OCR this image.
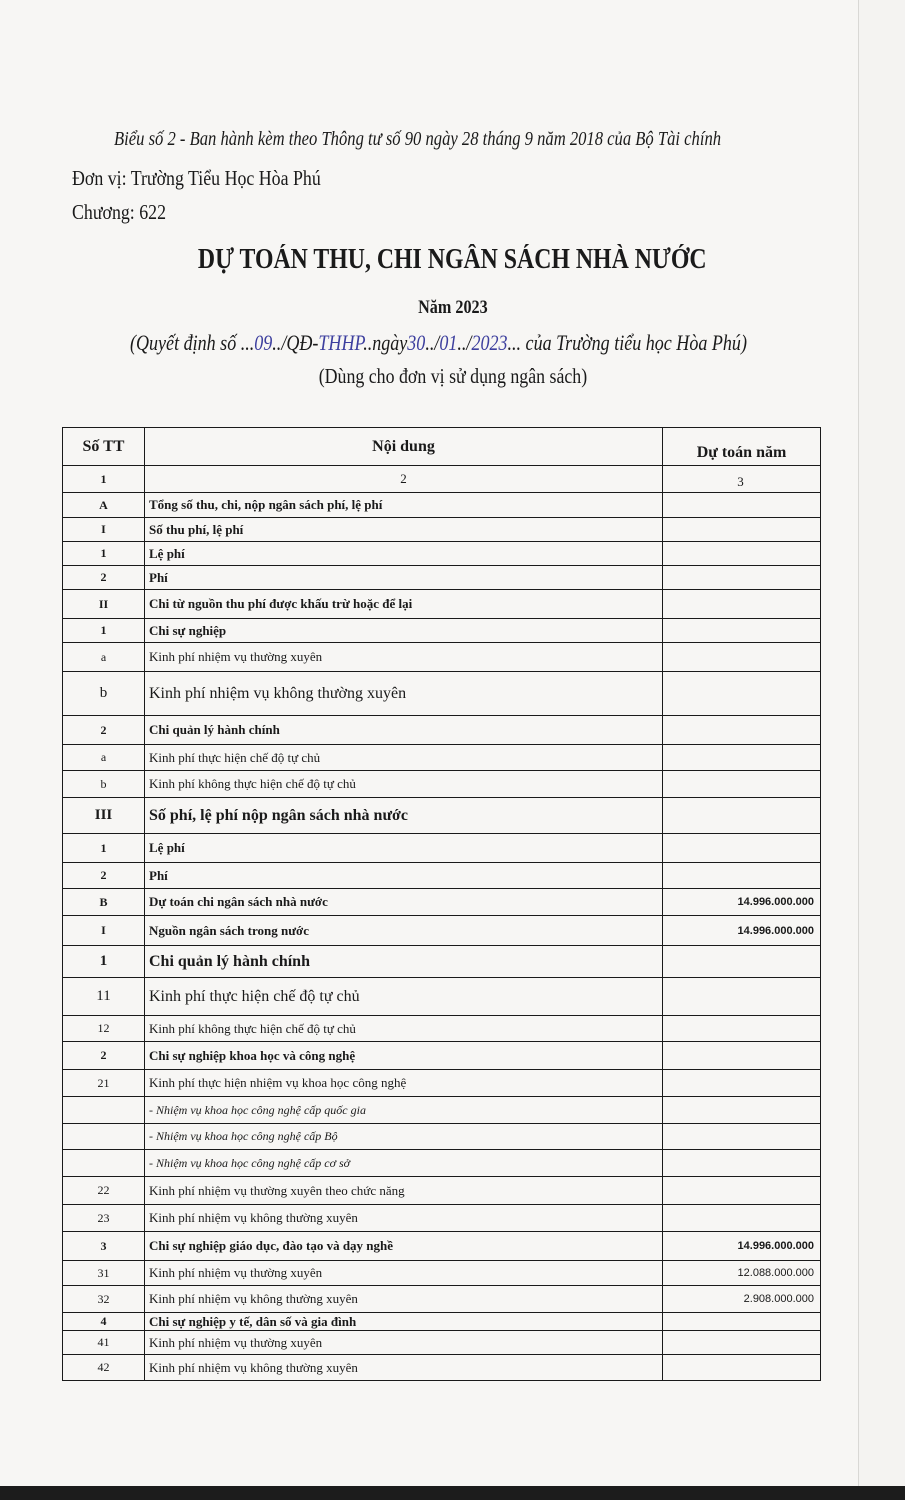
Biểu số 2 - Ban hành kèm theo Thông tư số 90 ngày 28 tháng 9 năm 2018 của Bộ Tài chính
Đơn vị: Trường Tiểu Học Hòa Phú
Chương: 622
DỰ TOÁN THU, CHI NGÂN SÁCH NHÀ NƯỚC
Năm 2023
(Quyết định số ...09../QĐ-THHP..ngày30../01../2023... của Trường tiểu học Hòa Phú)
(Dùng cho đơn vị sử dụng ngân sách)
Số TT	Nội dung	Dự toán năm
1	2	3
A	Tổng số thu, chi, nộp ngân sách phí, lệ phí	
I	Số thu phí, lệ phí	
1	Lệ phí	
2	Phí	
II	Chi từ nguồn thu phí được khấu trừ hoặc để lại	
1	Chi sự nghiệp	
a	Kinh phí nhiệm vụ thường xuyên	
b	Kinh phí nhiệm vụ không thường xuyên	
2	Chi quản lý hành chính	
a	Kinh phí thực hiện chế độ tự chủ	
b	Kinh phí không thực hiện chế độ tự chủ	
III	Số phí, lệ phí nộp ngân sách nhà nước	
1	Lệ phí	
2	Phí	
B	Dự toán chi ngân sách nhà nước	14.996.000.000
I	Nguồn ngân sách trong nước	14.996.000.000
1	Chi quản lý hành chính	
11	Kinh phí thực hiện chế độ tự chủ	
12	Kinh phí không thực hiện chế độ tự chủ	
2	Chi sự nghiệp khoa học và công nghệ	
21	Kinh phí thực hiện nhiệm vụ khoa học công nghệ	
	- Nhiệm vụ khoa học công nghệ cấp quốc gia	
	- Nhiệm vụ khoa học công nghệ cấp Bộ	
	- Nhiệm vụ khoa học công nghệ cấp cơ sở	
22	Kinh phí nhiệm vụ thường xuyên theo chức năng	
23	Kinh phí nhiệm vụ không thường xuyên	
3	Chi sự nghiệp giáo dục, đào tạo và dạy nghề	14.996.000.000
31	Kinh phí nhiệm vụ thường xuyên	12.088.000.000
32	Kinh phí nhiệm vụ không thường xuyên	2.908.000.000
4	Chi sự nghiệp y tế, dân số và gia đình	
41	Kinh phí nhiệm vụ thường xuyên	
42	Kinh phí nhiệm vụ không thường xuyên	
